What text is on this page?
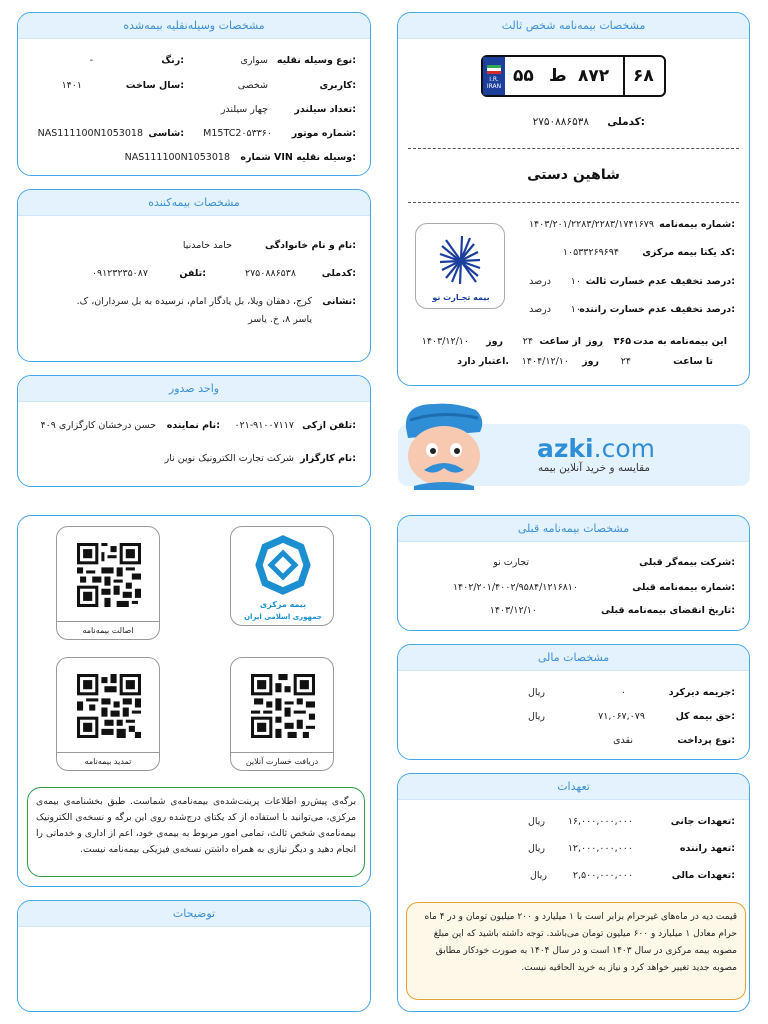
مشخصات وسیله‌نقلیه بیمه‌شده
نوع وسیله نقلیه:
سواری
رنگ:
-
کاربری:
شخصی
سال ساخت:
۱۴۰۱
تعداد سیلندر:
چهار سیلندر
شماره موتور:
M15TC2۰۵۳۳۶۰
شاسی:
NAS111100N1053018
شماره VIN وسیله نقلیه:
NAS111100N1053018
مشخصات بیمه‌کننده
نام و نام خانوادگی:
حامد حامدنیا
کدملی:
۲۷۵۰۸۸۶۵۳۸
تلفن:
۰۹۱۲۳۲۳۵۰۸۷
نشانی:
کرج، دهقان ویلا، بل یادگار امام، نرسیده به بل سرداران، ک.
یاسر ۸، خ. یاسر
واحد صدور
تلفن ازکی:
۰۲۱-۹۱۰۰۷۱۱۷
نام نماینده:
حسن درخشان کارگزاری ۴۰۹
نام کارگزار:
شرکت تجارت الکترونیک نوین نار
بیمه مرکزی
جمهوری اسلامی ایران
اصالت بیمه‌نامه
دریافت خسارت آنلاین
تمدید بیمه‌نامه
برگه‌ی پیش‌رو اطلاعات پرینت‌شده‌ی بیمه‌نامه‌ی شماست. طبق بخشنامه‌ی بیمه‌ی مرکزی، می‌توانید با استفاده از کد یکتای درج‌شده روی این برگه و نسخه‌ی الکترونیک بیمه‌نامه‌ی شخص ثالث، تمامی امور مربوط به بیمه‌ی خود، اعم از اداری و خدماتی را انجام دهید و دیگر نیازی به همراه داشتن نسخه‌ی فیزیکی بیمه‌نامه نیست.
توضیحات
مشخصات بیمه‌نامه شخص ثالث
I.R.
IRAN
۵۵ ط ۸۷۲ ۶۸
کدملی:
۲۷۵۰۸۸۶۵۳۸
شاهین دستی
بیمه تجـارت نو
شماره بیمه‌نامه:
۱۴۰۳/۲۰۱/۲۲۸۳/۲۲۸۳/۱۷۴۱۶۷۹
کد یکتا بیمه مرکزی:
۱۰۵۳۳۲۶۹۶۹۴
درصد تخفیف عدم خسارت ثالث:
۱۰
درصد
درصد تخفیف عدم خسارت راننده:
۱۰
درصد
این بیمه‌نامه به مدت
۳۶۵
روز
از ساعت
۲۴
روز
۱۴۰۳/۱۲/۱۰
تا ساعت
۲۴
روز
۱۴۰۴/۱۲/۱۰
اعتبار دارد.
azki.com
مقایسه و خرید آنلاین بیمه
مشخصات بیمه‌نامه قبلی
شرکت بیمه‌گر قبلی:
تجارت نو
شماره بیمه‌نامه قبلی:
۱۴۰۲/۲۰۱/۴۰۰۲/۹۵۸۴/۱۲۱۶۸۱۰
تاریخ انقضای بیمه‌نامه قبلی:
۱۴۰۳/۱۲/۱۰
مشخصات مالی
جریمه دیرکرد:
۰
ریال
حق بیمه کل:
۷۱,۰۶۷,۰۷۹
ریال
نوع پرداخت:
نقدی
تعهدات
تعهدات جانی:
۱۶,۰۰۰,۰۰۰,۰۰۰
ریال
تعهد راننده:
۱۲,۰۰۰,۰۰۰,۰۰۰
ریال
تعهدات مالی:
۲,۵۰۰,۰۰۰,۰۰۰
ریال
قیمت دیه در ماه‌های غیرحرام برابر است با ۱ میلیارد و ۲۰۰ میلیون تومان و در ۴ ماه حرام معادل ۱ میلیارد و ۶۰۰ میلیون تومان می‌باشد. توجه داشته باشید که این مبلغ مصوبه بیمه مرکزی در سال ۱۴۰۳ است و در سال ۱۴۰۴ به صورت خودکار مطابق مصوبه جدید تغییر خواهد کرد و نیاز به خرید الحاقیه نیست.
